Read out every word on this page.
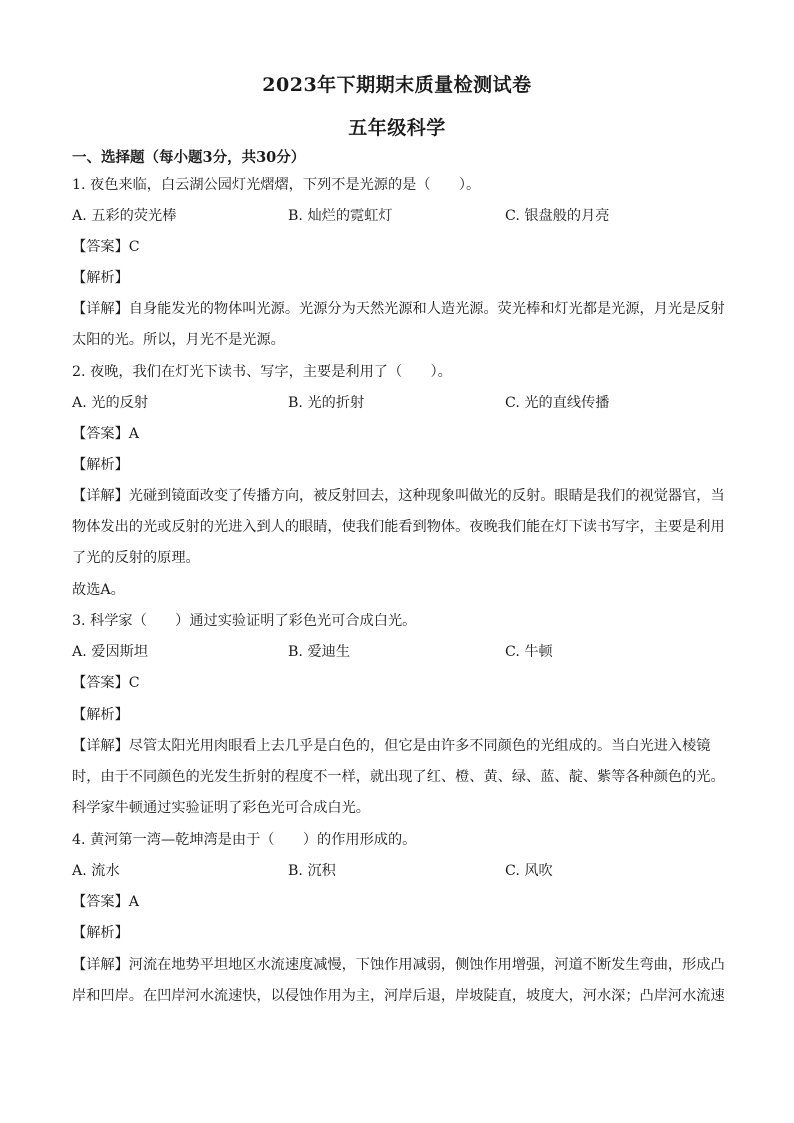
2023年下期期末质量检测试卷
五年级科学
一、选择题（每小题3分，共30分）
1. 夜色来临，白云湖公园灯光熠熠，下列不是光源的是（　　）。
A. 五彩的荧光棒	B. 灿烂的霓虹灯	C. 银盘般的月亮
【答案】C
【解析】
【详解】自身能发光的物体叫光源。光源分为天然光源和人造光源。荧光棒和灯光都是光源，月光是反射
太阳的光。所以，月光不是光源。
2. 夜晚，我们在灯光下读书、写字，主要是利用了（　　）。
A. 光的反射	B. 光的折射	C. 光的直线传播
【答案】A
【解析】
【详解】光碰到镜面改变了传播方向，被反射回去，这种现象叫做光的反射。眼睛是我们的视觉器官，当
物体发出的光或反射的光进入到人的眼睛，使我们能看到物体。夜晚我们能在灯下读书写字，主要是利用
了光的反射的原理。
故选A。
3. 科学家（　　）通过实验证明了彩色光可合成白光。
A. 爱因斯坦	B. 爱迪生	C. 牛顿
【答案】C
【解析】
【详解】尽管太阳光用肉眼看上去几乎是白色的，但它是由许多不同颜色的光组成的。当白光进入棱镜
时，由于不同颜色的光发生折射的程度不一样，就出现了红、橙、黄、绿、蓝、靛、紫等各种颜色的光。
科学家牛顿通过实验证明了彩色光可合成白光。
4. 黄河第一湾—乾坤湾是由于（　　）的作用形成的。
A. 流水	B. 沉积	C. 风吹
【答案】A
【解析】
【详解】河流在地势平坦地区水流速度减慢，下蚀作用减弱，侧蚀作用增强，河道不断发生弯曲，形成凸
岸和凹岸。在凹岸河水流速快，以侵蚀作用为主，河岸后退，岸坡陡直，坡度大，河水深；凸岸河水流速
